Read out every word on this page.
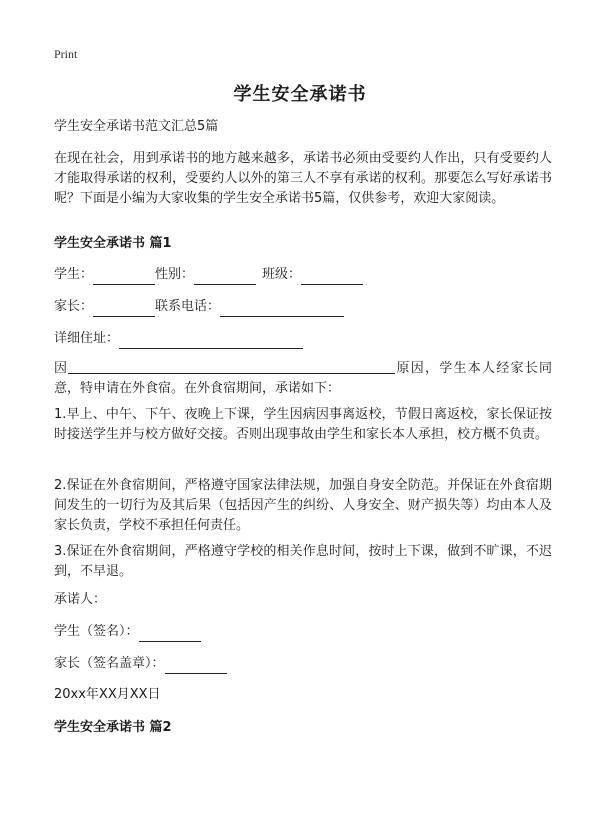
Print
学生安全承诺书
学生安全承诺书范文汇总5篇
在现在社会，用到承诺书的地方越来越多，承诺书必须由受要约人作出，只有受要约人才能取得承诺的权利，受要约人以外的第三人不享有承诺的权利。那要怎么写好承诺书呢？下面是小编为大家收集的学生安全承诺书5篇，仅供参考，欢迎大家阅读。
学生安全承诺书 篇1
学生：	性别：	班级：
家长：	联系电话：
详细住址：
因	原因，学生本人经家长同意，特申请在外食宿。在外食宿期间，承诺如下：
1.早上、中午、下午、夜晚上下课，学生因病因事离返校，节假日离返校，家长保证按时接送学生并与校方做好交接。否则出现事故由学生和家长本人承担，校方概不负责。
2.保证在外食宿期间，严格遵守国家法律法规，加强自身安全防范。并保证在外食宿期间发生的一切行为及其后果（包括因产生的纠纷、人身安全、财产损失等）均由本人及家长负责，学校不承担任何责任。
3.保证在外食宿期间，严格遵守学校的相关作息时间，按时上下课，做到不旷课，不迟到，不早退。
承诺人：
学生（签名）：
家长（签名盖章）：
20xx年XX月XX日
学生安全承诺书 篇2
